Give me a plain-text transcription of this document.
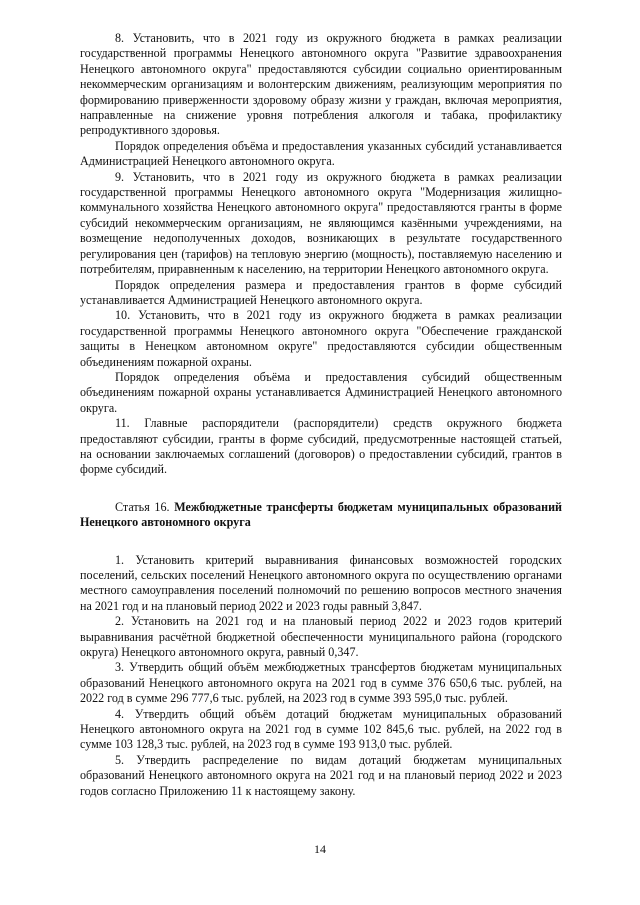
8. Установить, что в 2021 году из окружного бюджета в рамках реализации государственной программы Ненецкого автономного округа "Развитие здравоохранения Ненецкого автономного округа" предоставляются субсидии социально ориентированным некоммерческим организациям и волонтерским движениям, реализующим мероприятия по формированию приверженности здоровому образу жизни у граждан, включая мероприятия, направленные на снижение уровня потребления алкоголя и табака, профилактику репродуктивного здоровья.

Порядок определения объёма и предоставления указанных субсидий устанавливается Администрацией Ненецкого автономного округа.

9. Установить, что в 2021 году из окружного бюджета в рамках реализации государственной программы Ненецкого автономного округа "Модернизация жилищно-коммунального хозяйства Ненецкого автономного округа" предоставляются гранты в форме субсидий некоммерческим организациям, не являющимся казёнными учреждениями, на возмещение недополученных доходов, возникающих в результате государственного регулирования цен (тарифов) на тепловую энергию (мощность), поставляемую населению и потребителям, приравненным к населению, на территории Ненецкого автономного округа.

Порядок определения размера и предоставления грантов в форме субсидий устанавливается Администрацией Ненецкого автономного округа.

10. Установить, что в 2021 году из окружного бюджета в рамках реализации государственной программы Ненецкого автономного округа "Обеспечение гражданской защиты в Ненецком автономном округе" предоставляются субсидии общественным объединениям пожарной охраны.

Порядок определения объёма и предоставления субсидий общественным объединениям пожарной охраны устанавливается Администрацией Ненецкого автономного округа.

11. Главные распорядители (распорядители) средств окружного бюджета предоставляют субсидии, гранты в форме субсидий, предусмотренные настоящей статьей, на основании заключаемых соглашений (договоров) о предоставлении субсидий, грантов в форме субсидий.

Статья 16. Межбюджетные трансферты бюджетам муниципальных образований Ненецкого автономного округа

1. Установить критерий выравнивания финансовых возможностей городских поселений, сельских поселений Ненецкого автономного округа по осуществлению органами местного самоуправления поселений полномочий по решению вопросов местного значения на 2021 год и на плановый период 2022 и 2023 годы равный 3,847.

2. Установить на 2021 год и на плановый период 2022 и 2023 годов критерий выравнивания расчётной бюджетной обеспеченности муниципального района (городского округа) Ненецкого автономного округа, равный 0,347.

3. Утвердить общий объём межбюджетных трансфертов бюджетам муниципальных образований Ненецкого автономного округа на 2021 год в сумме 376 650,6 тыс. рублей, на 2022 год в сумме 296 777,6 тыс. рублей, на 2023 год в сумме 393 595,0 тыс. рублей.

4. Утвердить общий объём дотаций бюджетам муниципальных образований Ненецкого автономного округа на 2021 год в сумме 102 845,6 тыс. рублей, на 2022 год в сумме 103 128,3 тыс. рублей, на 2023 год в сумме 193 913,0 тыс. рублей.

5. Утвердить распределение по видам дотаций бюджетам муниципальных образований Ненецкого автономного округа на 2021 год и на плановый период 2022 и 2023 годов согласно Приложению 11 к настоящему закону.

14
